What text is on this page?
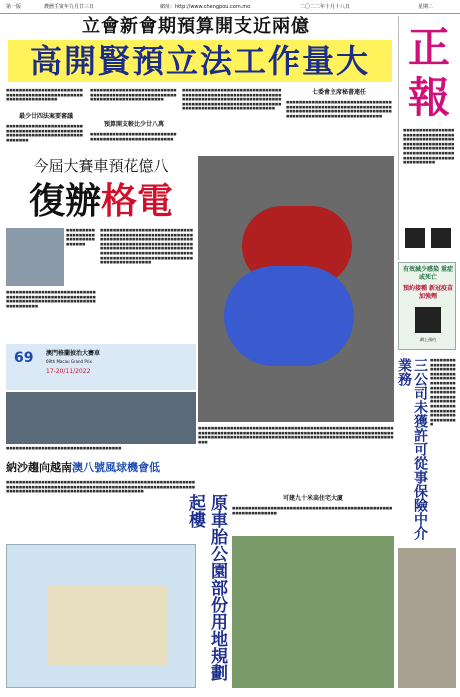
第一版	農曆壬寅年九月廿三日	網址：http://www.chengpou.com.mo	二〇二二年十月十八日	星期二
立會新會期預算開支近兩億
高開賢預立法工作量大
■■■■■■■■■■■■■■■■■■■■■■■■■■■■■■■■■■■■■■■■■■■■■■■■■■■■■■■■■■■■■■■■
最少廿四法案要審議
■■■■■■■■■■■■■■■■■■■■■■■■■■■■■■■■■■■■■■■■■■■■■■■■■■■■■■■■■■■■■■■■■■■■■■■■■■■■■■■
■■■■■■■■■■■■■■■■■■■■■■■■■■■■■■■■■■■■■■■■■■■■■■■■■■■■■■■■■■■■■■■■■■■■■■■■■■■■■
預算開支較比少廿八萬
■■■■■■■■■■■■■■■■■■■■■■■■■■■■■■■■■■■■■■■■■■■■■■■■■■■■■
■■■■■■■■■■■■■■■■■■■■■■■■■■■■■■■■■■■■■■■■■■■■■■■■■■■■■■■■■■■■■■■■■■■■■■■■■■■■■■■■■■■■■■■■■■■■■■■■■■■■■■■■■■■■■■■■■■■■■■■■■■■■■■■■■■■■■■■■■■■■■■■■■■■■■■■■■
七委會主席秘書連任
■■■■■■■■■■■■■■■■■■■■■■■■■■■■■■■■■■■■■■■■■■■■■■■■■■■■■■■■■■■■■■■■■■■■■■■■■■■■■■■■■■■■■■■■■■■■■■■■■■■■■■■■■■■■■■■■■■■■■■■■■■■■■■■■■
正
報
■■■■■■■■■■■■■■■■■■■■■■■■■■■■■■■■■■■■■■■■■■■■■■■■■■■■■■■■■■■■■■■■■■■■■■■■■■■■■■■■■■■■■■■■■■■■■■■■■■■■■■■■■■■■■■■■■■■■■■■■■■
有效減少感染 重症或死亡
預約接種 新冠疫苗加強劑
網上預約
今屆大賽車預花億八
復辦格電
■■■■■■■■■■■■■■■■■■■■■■■■■■■■■■■■■
■■■■■■■■■■■■■■■■■■■■■■■■■■■■■■■■■■■■■■■■■■■■■■■■■■■■■■■■■■■■■■■■■■■■■■■■■■■■■■■■■■■■■■■■■■■■■■■■■■■■■■■■■■■■■■■■■■■■■■■■■■■■■■■■■■■■■■■■■■■■■■■■■■■■■■■■■■■■■■■■■■■■■■■■■■■■■■■■■■■■■■■■■■■■■■■■■■■■■■■■■■■■■■■■■■■■■■■■■■■
■■■■■■■■■■■■■■■■■■■■■■■■■■■■■■■■■■■■■■■■■■■■■■■■■■■■■■■■■■■■■■■■■■■■■■■■■■■■■■■■■■■■■■■■■■■■■■
69 澳門格蘭披治大賽車
69th Macau Grand Prix
17-20/11/2022
■■■■■■■■■■■■■■■■■■■■■■■■■■■■■■■■■■■■	三公司未獲許可從事保險中介業務	■■■■■■■■■■■■■■■■■■■■■■■■■■■■■■■■■■■■■■■■■■■■■■■■■■■■■■■■■■■■■■■■■■■■■■■■■■■■■■■■■■■■■■■■■■■■■■■■■■■■■■■■■■■■■■■■■
納沙趨向越南澳八號風球機會低
■■■■■■■■■■■■■■■■■■■■■■■■■■■■■■■■■■■■■■■■■■■■■■■■■■■■■■■■■■■■■■■■■■■■■■■■■■■■■■■■■■■■■■■■■■■■■■■■■■■■■■■■■■■■■■■■■■■■■■■■■■■■■■■■■■■■■■■■■■■■■■■■■■■■■■■■■■■■■■■■■
■■■■■■■■■■■■■■■■■■■■■■■■■■■■■■■■■■■■■■■■■■■■■■■■■■■■■■■■■■■■■■■■■■■■■■■■■■■■■■■■■■■■■■■■■■■■■■■■■■■■■■■■■■■■■■■■■■■■■■■■■■■■■■■■■■■■■■■■■■■■■■■■■■■■■■■■■■■■■■■■■■■■■■■■■■■■■■■■■■■■■■■■■■
原車胎公園部份用地規劃起樓	可建九十米高住宅大廈
■■■■■■■■■■■■■■■■■■■■■■■■■■■■■■■■■■■■■■■■■■■■■■■■■■■■■■■■■■■■■■■■
